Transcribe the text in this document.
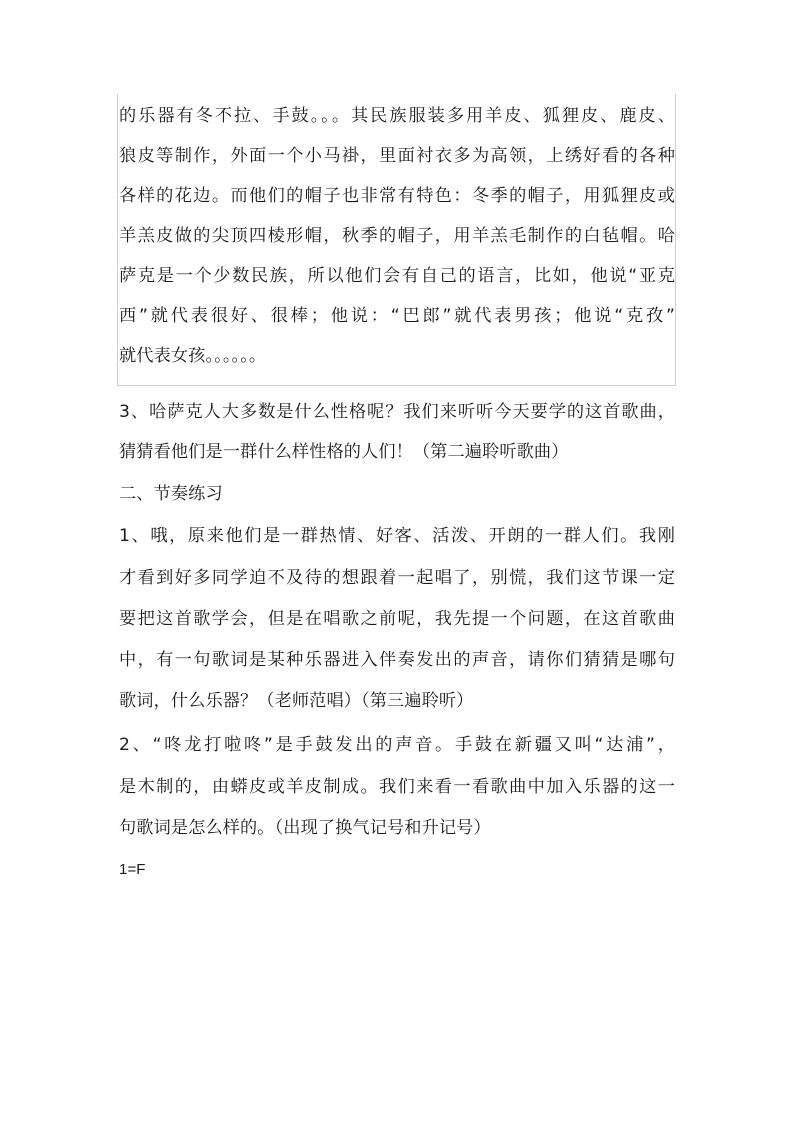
的乐器有冬不拉、手鼓。。。其民族服装多用羊皮、狐狸皮、鹿皮、
狼皮等制作，外面一个小马褂，里面衬衣多为高领，上绣好看的各种
各样的花边。而他们的帽子也非常有特色：冬季的帽子，用狐狸皮或
羊羔皮做的尖顶四棱形帽，秋季的帽子，用羊羔毛制作的白毡帽。哈
萨克是一个少数民族，所以他们会有自己的语言，比如，他说“亚克
西”就代表很好、很棒；他说：“巴郎”就代表男孩；他说“克孜”
就代表女孩。。。。。。
3、哈萨克人大多数是什么性格呢？我们来听听今天要学的这首歌曲，
猜猜看他们是一群什么样性格的人们！（第二遍聆听歌曲）
二、节奏练习
1、哦，原来他们是一群热情、好客、活泼、开朗的一群人们。我刚
才看到好多同学迫不及待的想跟着一起唱了，别慌，我们这节课一定
要把这首歌学会，但是在唱歌之前呢，我先提一个问题，在这首歌曲
中，有一句歌词是某种乐器进入伴奏发出的声音，请你们猜猜是哪句
歌词，什么乐器？（老师范唱）（第三遍聆听）
2、“咚龙打啦咚”是手鼓发出的声音。手鼓在新疆又叫“达浦”，
是木制的，由蟒皮或羊皮制成。我们来看一看歌曲中加入乐器的这一
句歌词是怎么样的。（出现了换气记号和升记号）
1=F
